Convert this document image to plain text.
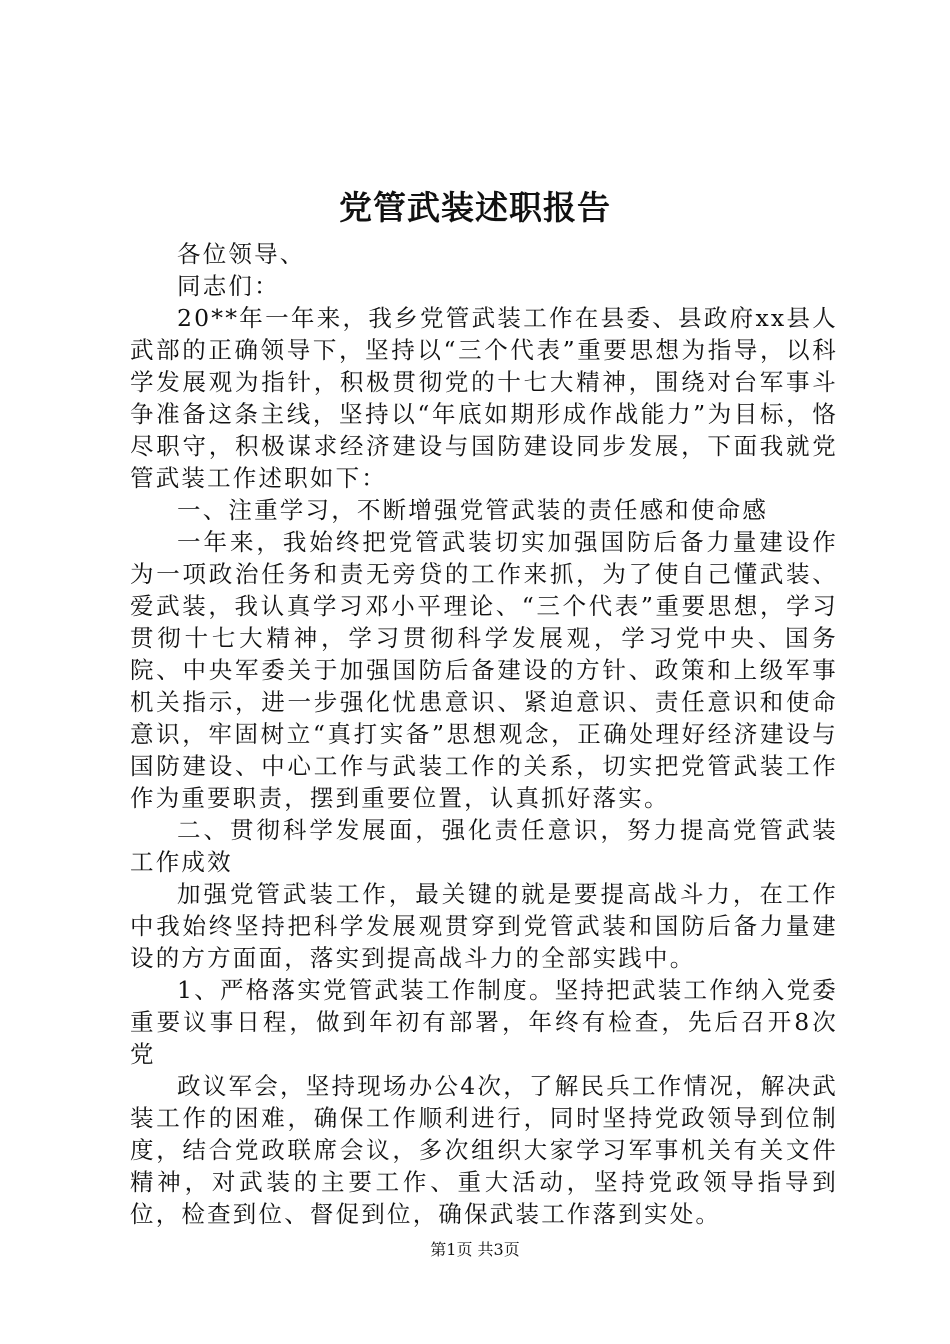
党管武装述职报告

各位领导、

同志们：

20**年一年来，我乡党管武装工作在县委、县政府xx县人武部的正确领导下，坚持以“三个代表”重要思想为指导，以科学发展观为指针，积极贯彻党的十七大精神，围绕对台军事斗争准备这条主线，坚持以“年底如期形成作战能力”为目标，恪尽职守，积极谋求经济建设与国防建设同步发展，下面我就党管武装工作述职如下：

一、注重学习，不断增强党管武装的责任感和使命感

一年来，我始终把党管武装切实加强国防后备力量建设作为一项政治任务和责无旁贷的工作来抓，为了使自己懂武装、爱武装，我认真学习邓小平理论、“三个代表”重要思想，学习贯彻十七大精神，学习贯彻科学发展观，学习党中央、国务院、中央军委关于加强国防后备建设的方针、政策和上级军事机关指示，进一步强化忧患意识、紧迫意识、责任意识和使命意识，牢固树立“真打实备”思想观念，正确处理好经济建设与国防建设、中心工作与武装工作的关系，切实把党管武装工作作为重要职责，摆到重要位置，认真抓好落实。

二、贯彻科学发展面，强化责任意识，努力提高党管武装工作成效

加强党管武装工作，最关键的就是要提高战斗力，在工作中我始终坚持把科学发展观贯穿到党管武装和国防后备力量建设的方方面面，落实到提高战斗力的全部实践中。

1、严格落实党管武装工作制度。坚持把武装工作纳入党委重要议事日程，做到年初有部署，年终有检查，先后召开8次党

政议军会，坚持现场办公4次，了解民兵工作情况，解决武装工作的困难，确保工作顺利进行，同时坚持党政领导到位制度，结合党政联席会议，多次组织大家学习军事机关有关文件精神，对武装的主要工作、重大活动，坚持党政领导指导到位，检查到位、督促到位，确保武装工作落到实处。

第1页 共3页
